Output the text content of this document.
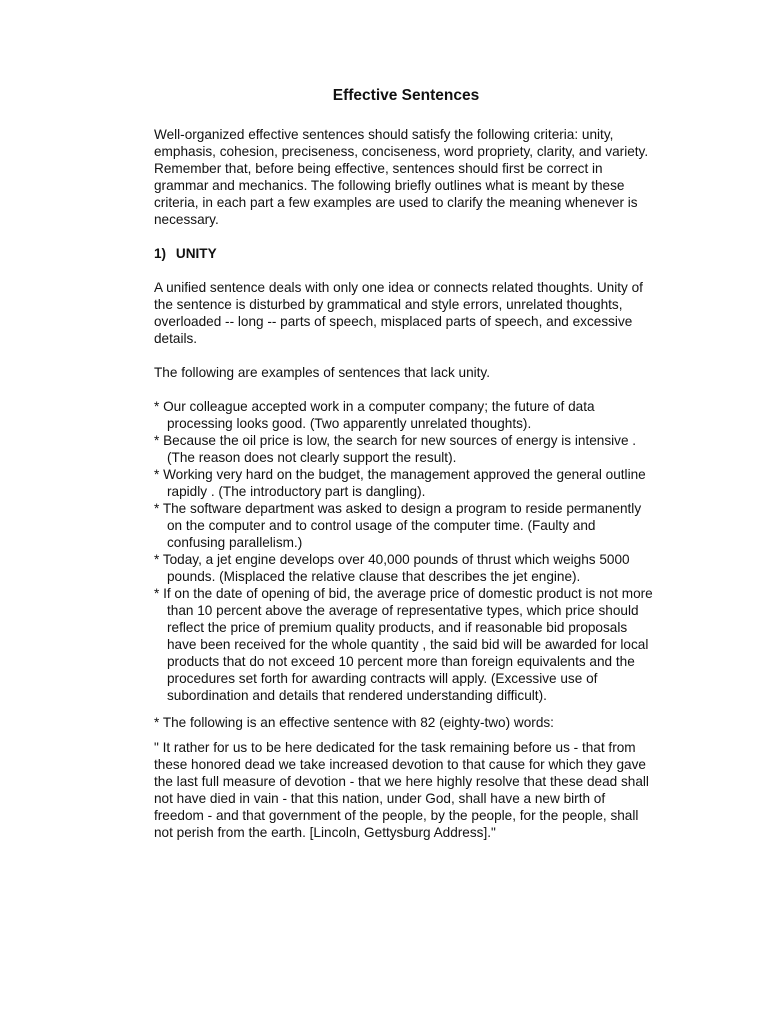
Effective Sentences

Well-organized effective sentences should satisfy the following criteria: unity, emphasis, cohesion, preciseness, conciseness, word propriety, clarity, and variety. Remember that, before being effective, sentences should first be correct in grammar and mechanics. The following briefly outlines what is meant by these criteria, in each part a few examples are used to clarify the meaning whenever is necessary.

1) UNITY

A unified sentence deals with only one idea or connects related thoughts. Unity of the sentence is disturbed by grammatical and style errors, unrelated thoughts, overloaded -- long -- parts of speech, misplaced parts of speech, and excessive details.

The following are examples of sentences that lack unity.

* Our colleague accepted work in a computer company; the future of data processing looks good. (Two apparently unrelated thoughts).
* Because the oil price is low, the search for new sources of energy is intensive . (The reason does not clearly support the result).
* Working very hard on the budget, the management approved the general outline rapidly . (The introductory part is dangling).
* The software department was asked to design a program to reside permanently on the computer and to control usage of the computer time. (Faulty and confusing parallelism.)
* Today, a jet engine develops over 40,000 pounds of thrust which weighs 5000 pounds. (Misplaced the relative clause that describes the jet engine).
* If on the date of opening of bid, the average price of domestic product is not more than 10 percent above the average of representative types, which price should reflect the price of premium quality products, and if reasonable bid proposals have been received for the whole quantity , the said bid will be awarded for local products that do not exceed 10 percent more than foreign equivalents and the procedures set forth for awarding contracts will apply. (Excessive use of subordination and details that rendered understanding difficult).

* The following is an effective sentence with 82 (eighty-two) words:

" It rather for us to be here dedicated for the task remaining before us - that from these honored dead we take increased devotion to that cause for which they gave the last full measure of devotion - that we here highly resolve that these dead shall not have died in vain - that this nation, under God, shall have a new birth of freedom - and that government of the people, by the people, for the people, shall not perish from the earth. [Lincoln, Gettysburg Address]."
